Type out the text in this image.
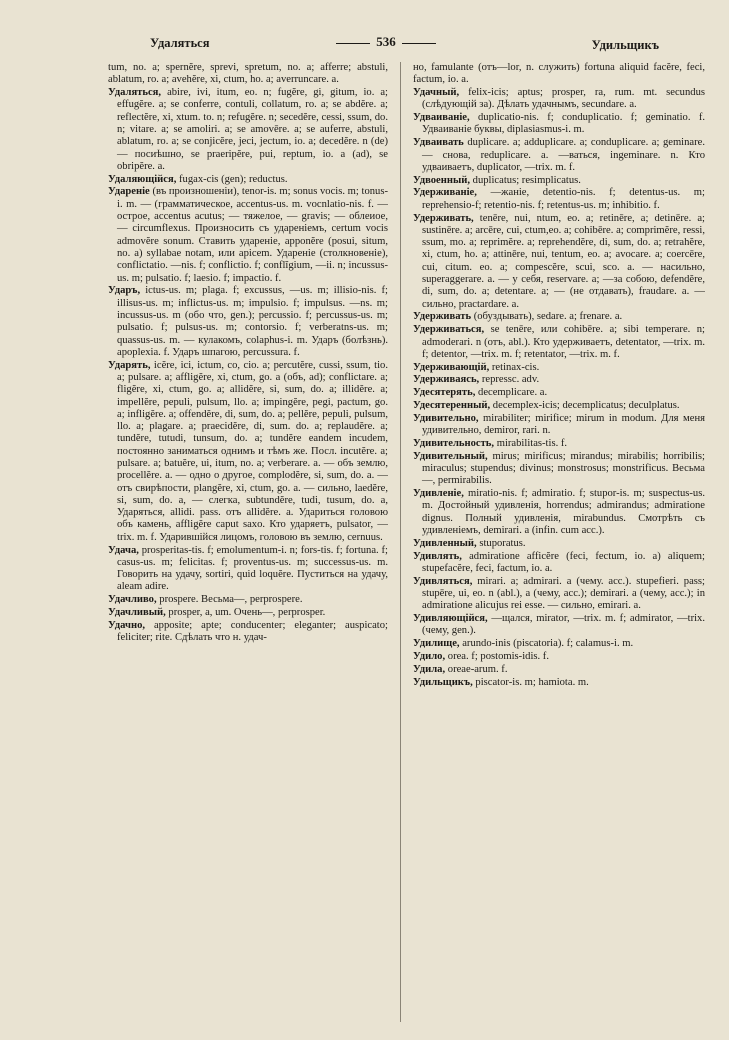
Удаляться	536	Удильщикъ

tum, no. a; spernĕre, sprevi, spretum, no. a; afferre; abstuli, ablatum, ro. a; avehĕre, xi, ctum, ho. a; averruncare. a.

Удаляться, abire, ivi, itum, eo. n; fugĕre, gi, gitum, io. a; effugĕre. a; se conferre, contuli, collatum, ro. a; se abdĕre. a; reflectĕre, xi, xtum. to. n; refugĕre. n; secedĕre, cessi, ssum, do. n; vitare. a; se amoliri. a; se amovēre. a; se auferre, abstuli, ablatum, ro. a; se conjicĕre, jeci, jectum, io. a; decedĕre. n (de) — посиѣшно, se praeripĕre, pui, reptum, io. a (ad), se obripĕre. a.

Удаляющійся, fugax-cis (gen); reductus.

Удареніе (въ произношеніи), tenor-is. m; sonus vocis. m; tonus-i. m. — (грамматическое, accentus-us. m. vocnlatio-nis. f. — острое, accentus acutus; — тяжелое, — gravis; — облеиое, — circumflexus. Произносить съ удареніемъ, certum vocis admovĕre sonum. Ставить удареніе, apponĕre (posui, situm, no. a) syllabae notam, или apicem. Удареніе (столкновеніе), conflictatio. —nis. f; conflictio. f; conflĭgium, —ii. n; incussus-us. m; pulsatio. f; laesio. f; impactio. f.

Ударъ, ictus-us. m; plaga. f; excussus, —us. m; illisio-nis. f; illisus-us. m; inflictus-us. m; impulsio. f; impulsus. —ns. m; incussus-us. m (обо что, gen.); percussio. f; percussus-us. m; pulsatio. f; pulsus-us. m; contorsio. f; verberatns-us. m; quassus-us. m. — кулакомъ, colaphus-i. m. Ударъ (болѣзнь). apoplexia. f. Ударъ шпагою, percussura. f.

Ударять, icĕre, ici, ictum, co, cio. a; percutĕre, cussi, ssum, tio. a; pulsare. a; affligĕre, xi, ctum, go. a (объ, ad); conflictare. a; fligĕre, xi, ctum, go. a; allidĕre, si, sum, do. a; illidĕre. a; impellĕre, pepuli, pulsum, llo. a; impingĕre, pegi, pactum, go. a; infligĕre. a; offendĕre, di, sum, do. a; pellĕre, pepuli, pulsum, llo. a; plagare. a; praecidĕre, di, sum. do. a; replaudĕre. a; tundĕre, tutudi, tunsum, do. a; tundĕre eandem incudem, постоянно заниматься однимъ и тѣмъ же. Посл. incutĕre. a; pulsare. a; batuĕre, ui, itum, no. a; verberare. a. — объ землю, procellĕre. a. — одно о другое, complodĕre, si, sum, do. a. — отъ свирѣпости, plangĕre, xi, ctum, go. a. — сильно, laedĕre, si, sum, do. a, — слегка, subtundĕre, tudi, tusum, do. a, Ударяться, allidi. pass. отъ allidĕre. a. Удариться головою объ камень, affligĕre caput saxo. Кто ударяетъ, pulsator, —trix. m. f. Ударившійся лицомъ, головою въ землю, cernuus.

Удача, prosperitas-tis. f; emolumentum-i. n; fors-tis. f; fortuna. f; casus-us. m; felicitas. f; proventus-us. m; successus-us. m. Говорить на удачу, sortiri, quid loquĕre. Пуститься на удачу, aleam adire.

Удачливо, prospere. Весьма—, perprospere.

Удачливый, prosper, a, um. Очень—, perprosper.

Удачно, apposite; apte; conducenter; eleganter; auspicato; feliciter; rite. Сдѣлать что н. удач-

но, famulante (отъ—lor, n. служить) fortuna aliquid facĕre, feci, factum, io. a.

Удачный, felix-icis; aptus; prosper, ra, rum. mt. secundus (слѣдующій за). Дѣлать удачнымъ, secundare. a.

Удваиваніе, duplicatio-nis. f; conduplicatio. f; geminatio. f. Удваиваніе буквы, diplasiasmus-i. m.

Удваивать duplicare. a; adduplicare. a; conduplicare. a; geminare. — снова, reduplicare. a. —ваться, ingeminare. n. Кто удваиваетъ, duplicator, —trix. m. f.

Удвоенный, duplicatus; resimplicatus.

Удерживаніе, —жаніе, detentio-nis. f; detentus-us. m; reprehensio-f; retentio-nis. f; retentus-us. m; inhibitio. f.

Удерживать, tenēre, nui, ntum, eo. a; retinēre, a; detinēre. a; sustinēre. a; arcēre, cui, ctum,eo. a; cohibēre. a; comprimĕre, ressi, ssum, mo. a; reprimĕre. a; reprehendĕre, di, sum, do. a; retrahĕre, xi, ctum, ho. a; attinēre, nui, tentum, eo. a; avocare. a; coercēre, cui, citum. eo. a; compescĕre, scui, sco. a. — насильно, superaggerare. a. — у себя, reservare. a; —за собою, defendĕre, di, sum, do. a; detentare. a; — (не отдавать), fraudare. a. — сильно, practardare. a.

Удерживать (обуздывать), sedare. a; frenare. a.

Удерживаться, se tenēre, или cohibēre. a; sibi temperare. n; admoderari. n (отъ, abl.). Кто удерживаетъ, detentator, —trix. m. f; detentor, —trix. m. f; retentator, —trix. m. f.

Удерживающій, retinax-cis.

Удерживаясь, repressc. adv.

Удесятерять, decemplicare. a.

Удесятеренный, decemplex-icis; decemplicatus; deculplatus.

Удивительно, mirabiliter; mirifice; mirum in modum. Для меня удивительно, demiror, rari. n.

Удивительность, mirabilitas-tis. f.

Удивительный, mirus; mirificus; mirandus; mirabilis; horribilis; miraculus; stupendus; divinus; monstrosus; monstrificus. Весьма —, permirabilis.

Удивленіе, miratio-nis. f; admiratio. f; stupor-is. m; suspectus-us. m. Достойный удивленія, horrendus; admirandus; admiratione dignus. Полный удивленія, mirabundus. Смотрѣть съ удивленіемъ, demirari. a (infin. cum acc.).

Удивленный, stuporatus.

Удивлять, admiratione afficĕre (feci, fectum, io. a) aliquem; stupefacĕre, feci, factum, io. a.

Удивляться, mirari. a; admirari. a (чему. acc.). stupefieri. pass; stupēre, ui, eo. n (abl.), a (чему, acc.); demirari. a (чему, acc.); in admiratione alicujus rei esse. — сильно, emirari. a.

Удивляющійся, —щался, mirator, —trix. m. f; admirator, —trix. (чему, gen.).

Удилище, arundo-inis (piscatoria). f; calamus-i. m.

Удило, orea. f; postomis-idis. f.

Удила, oreae-arum. f.

Удильщикъ, piscator-is. m; hamiota. m.
